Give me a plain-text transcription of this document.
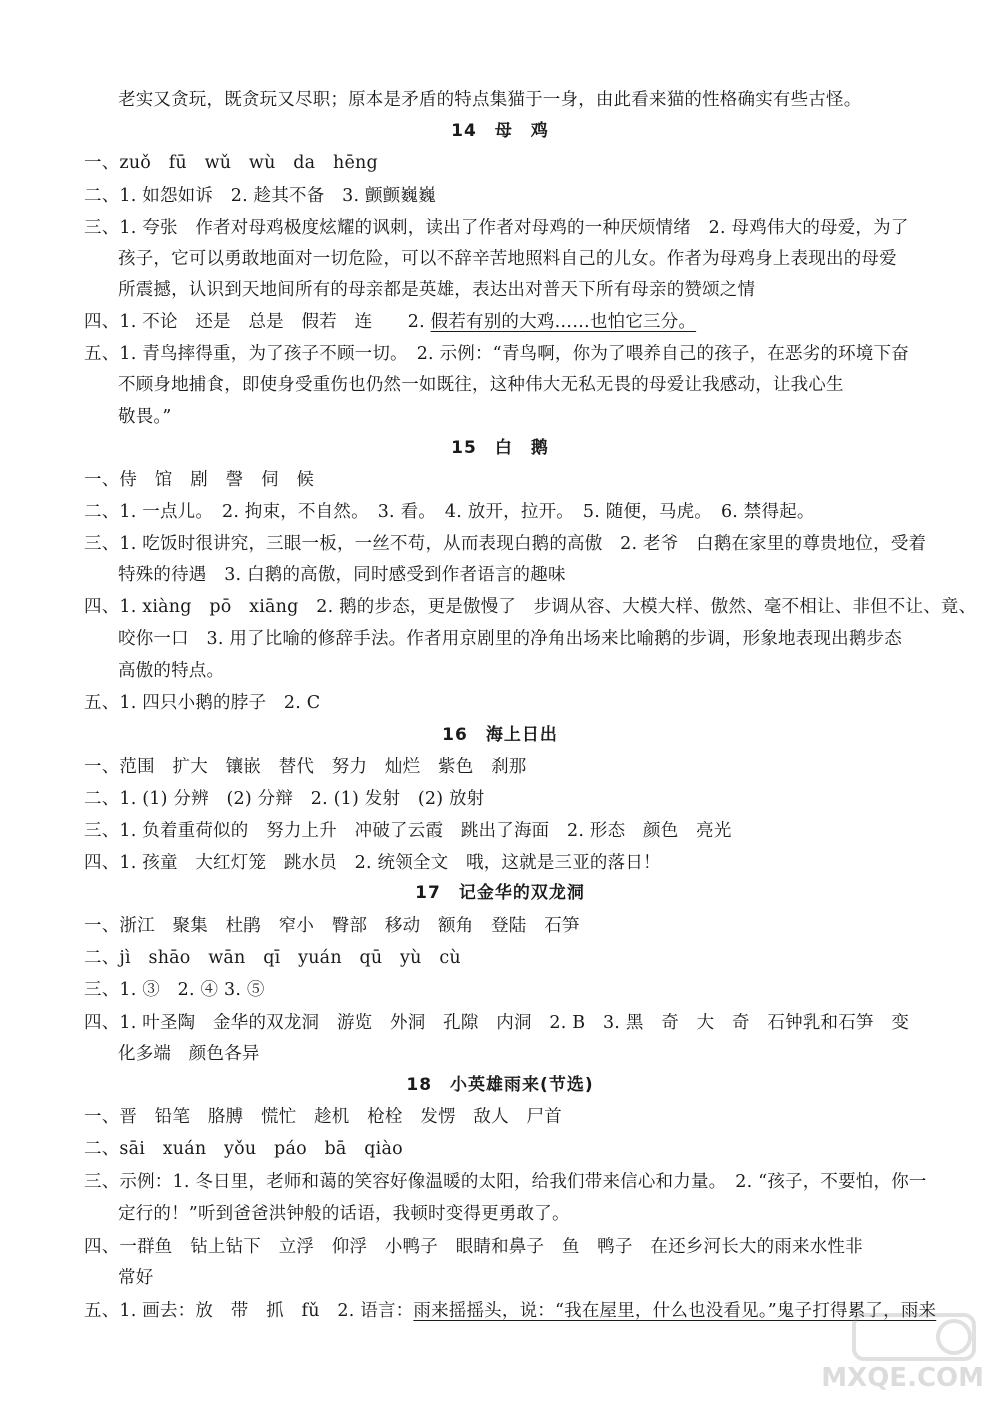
老实又贪玩，既贪玩又尽职；原本是矛盾的特点集猫于一身，由此看来猫的性格确实有些古怪。
14　母　鸡
一、zuǒ　fū　wǔ　wù　da　hēng
二、1. 如怨如诉　2. 趁其不备　3. 颤颤巍巍
三、1. 夸张　作者对母鸡极度炫耀的讽刺，读出了作者对母鸡的一种厌烦情绪　2. 母鸡伟大的母爱，为了
孩子，它可以勇敢地面对一切危险，可以不辞辛苦地照料自己的儿女。作者为母鸡身上表现出的母爱
所震撼，认识到天地间所有的母亲都是英雄，表达出对普天下所有母亲的赞颂之情
四、1. 不论　还是　总是　假若　连　　2. 假若有别的大鸡……也怕它三分。
五、1. 青鸟摔得重，为了孩子不顾一切。　2. 示例：“青鸟啊，你为了喂养自己的孩子，在恶劣的环境下奋
不顾身地捕食，即使身受重伤也仍然一如既往，这种伟大无私无畏的母爱让我感动，让我心生
敬畏。”
15　白　鹅
一、侍　馆　剧　謦　伺　候
二、1. 一点儿。　2. 拘束，不自然。　3. 看。　4. 放开，拉开。　5. 随便，马虎。　6. 禁得起。
三、1. 吃饭时很讲究，三眼一板，一丝不苟，从而表现白鹅的高傲　2. 老爷　白鹅在家里的尊贵地位，受着
特殊的待遇　3. 白鹅的高傲，同时感受到作者语言的趣味
四、1. xiàng　pō　xiāng　2. 鹅的步态，更是傲慢了　步调从容、大模大样、傲然、毫不相让、非但不让、竟、
咬你一口　3. 用了比喻的修辞手法。作者用京剧里的净角出场来比喻鹅的步调，形象地表现出鹅步态
高傲的特点。
五、1. 四只小鹅的脖子　2. C
16　海上日出
一、范围　扩大　镶嵌　替代　努力　灿烂　紫色　刹那
二、1. (1) 分辨　(2) 分辩　2. (1) 发射　(2) 放射
三、1. 负着重荷似的　努力上升　冲破了云霞　跳出了海面　2. 形态　颜色　亮光
四、1. 孩童　大红灯笼　跳水员　2. 统领全文　哦，这就是三亚的落日！
17　记金华的双龙洞
一、浙江　聚集　杜鹃　窄小　臀部　移动　额角　登陆　石笋
二、jì　shāo　wān　qī　yuán　qū　yù　cù
三、1. ③　2. ④ 3. ⑤
四、1. 叶圣陶　金华的双龙洞　游览　外洞　孔隙　内洞　2. B　3. 黑　奇　大　奇　石钟乳和石笋　变
化多端　颜色各异
18　小英雄雨来(节选)
一、晋　铅笔　胳膊　慌忙　趁机　枪栓　发愣　敌人　尸首
二、sāi　xuán　yǒu　páo　bā　qiào
三、示例：1. 冬日里，老师和蔼的笑容好像温暖的太阳，给我们带来信心和力量。　2. “孩子，不要怕，你一
定行的！”听到爸爸洪钟般的话语，我顿时变得更勇敢了。
四、一群鱼　钻上钻下　立浮　仰浮　小鸭子　眼睛和鼻子　鱼　鸭子　在还乡河长大的雨来水性非
常好
五、1. 画去：放　带　抓　fǔ　2. 语言：雨来摇摇头，说：“我在屋里，什么也没看见。”鬼子打得累了，雨来
MXQE.COM
